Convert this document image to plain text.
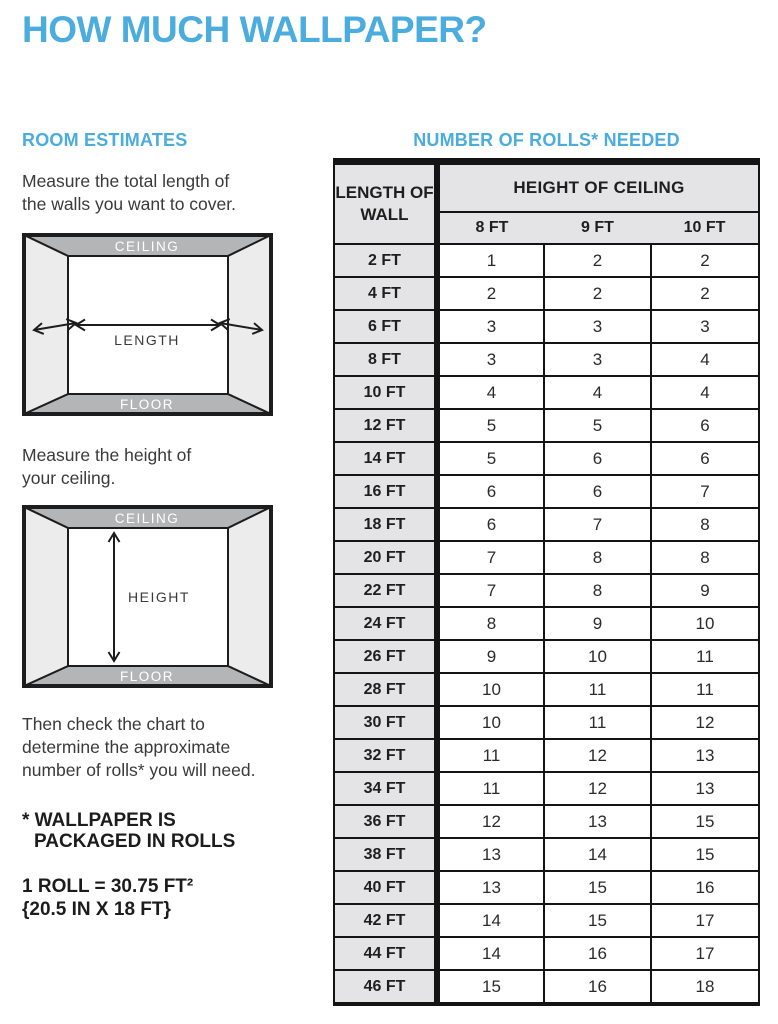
HOW MUCH WALLPAPER?
ROOM ESTIMATES

Measure the total length of
the walls you want to cover.

CEILING
FLOOR
LENGTH

Measure the height of
your ceiling.

CEILING
FLOOR
HEIGHT

Then check the chart to
determine the approximate
number of rolls* you will need.

* WALLPAPER IS
PACKAGED IN ROLLS

1 ROLL = 30.75 FT²
{20.5 IN X 18 FT}

NUMBER OF ROLLS* NEEDED
LENGTH OF WALL	HEIGHT OF CEILING		
	8 FT	9 FT	10 FT
2 FT	1	2	2
4 FT	2	2	2
6 FT	3	3	3
8 FT	3	3	4
10 FT	4	4	4
12 FT	5	5	6
14 FT	5	6	6
16 FT	6	6	7
18 FT	6	7	8
20 FT	7	8	8
22 FT	7	8	9
24 FT	8	9	10
26 FT	9	10	11
28 FT	10	11	11
30 FT	10	11	12
32 FT	11	12	13
34 FT	11	12	13
36 FT	12	13	15
38 FT	13	14	15
40 FT	13	15	16
42 FT	14	15	17
44 FT	14	16	17
46 FT	15	16	18
